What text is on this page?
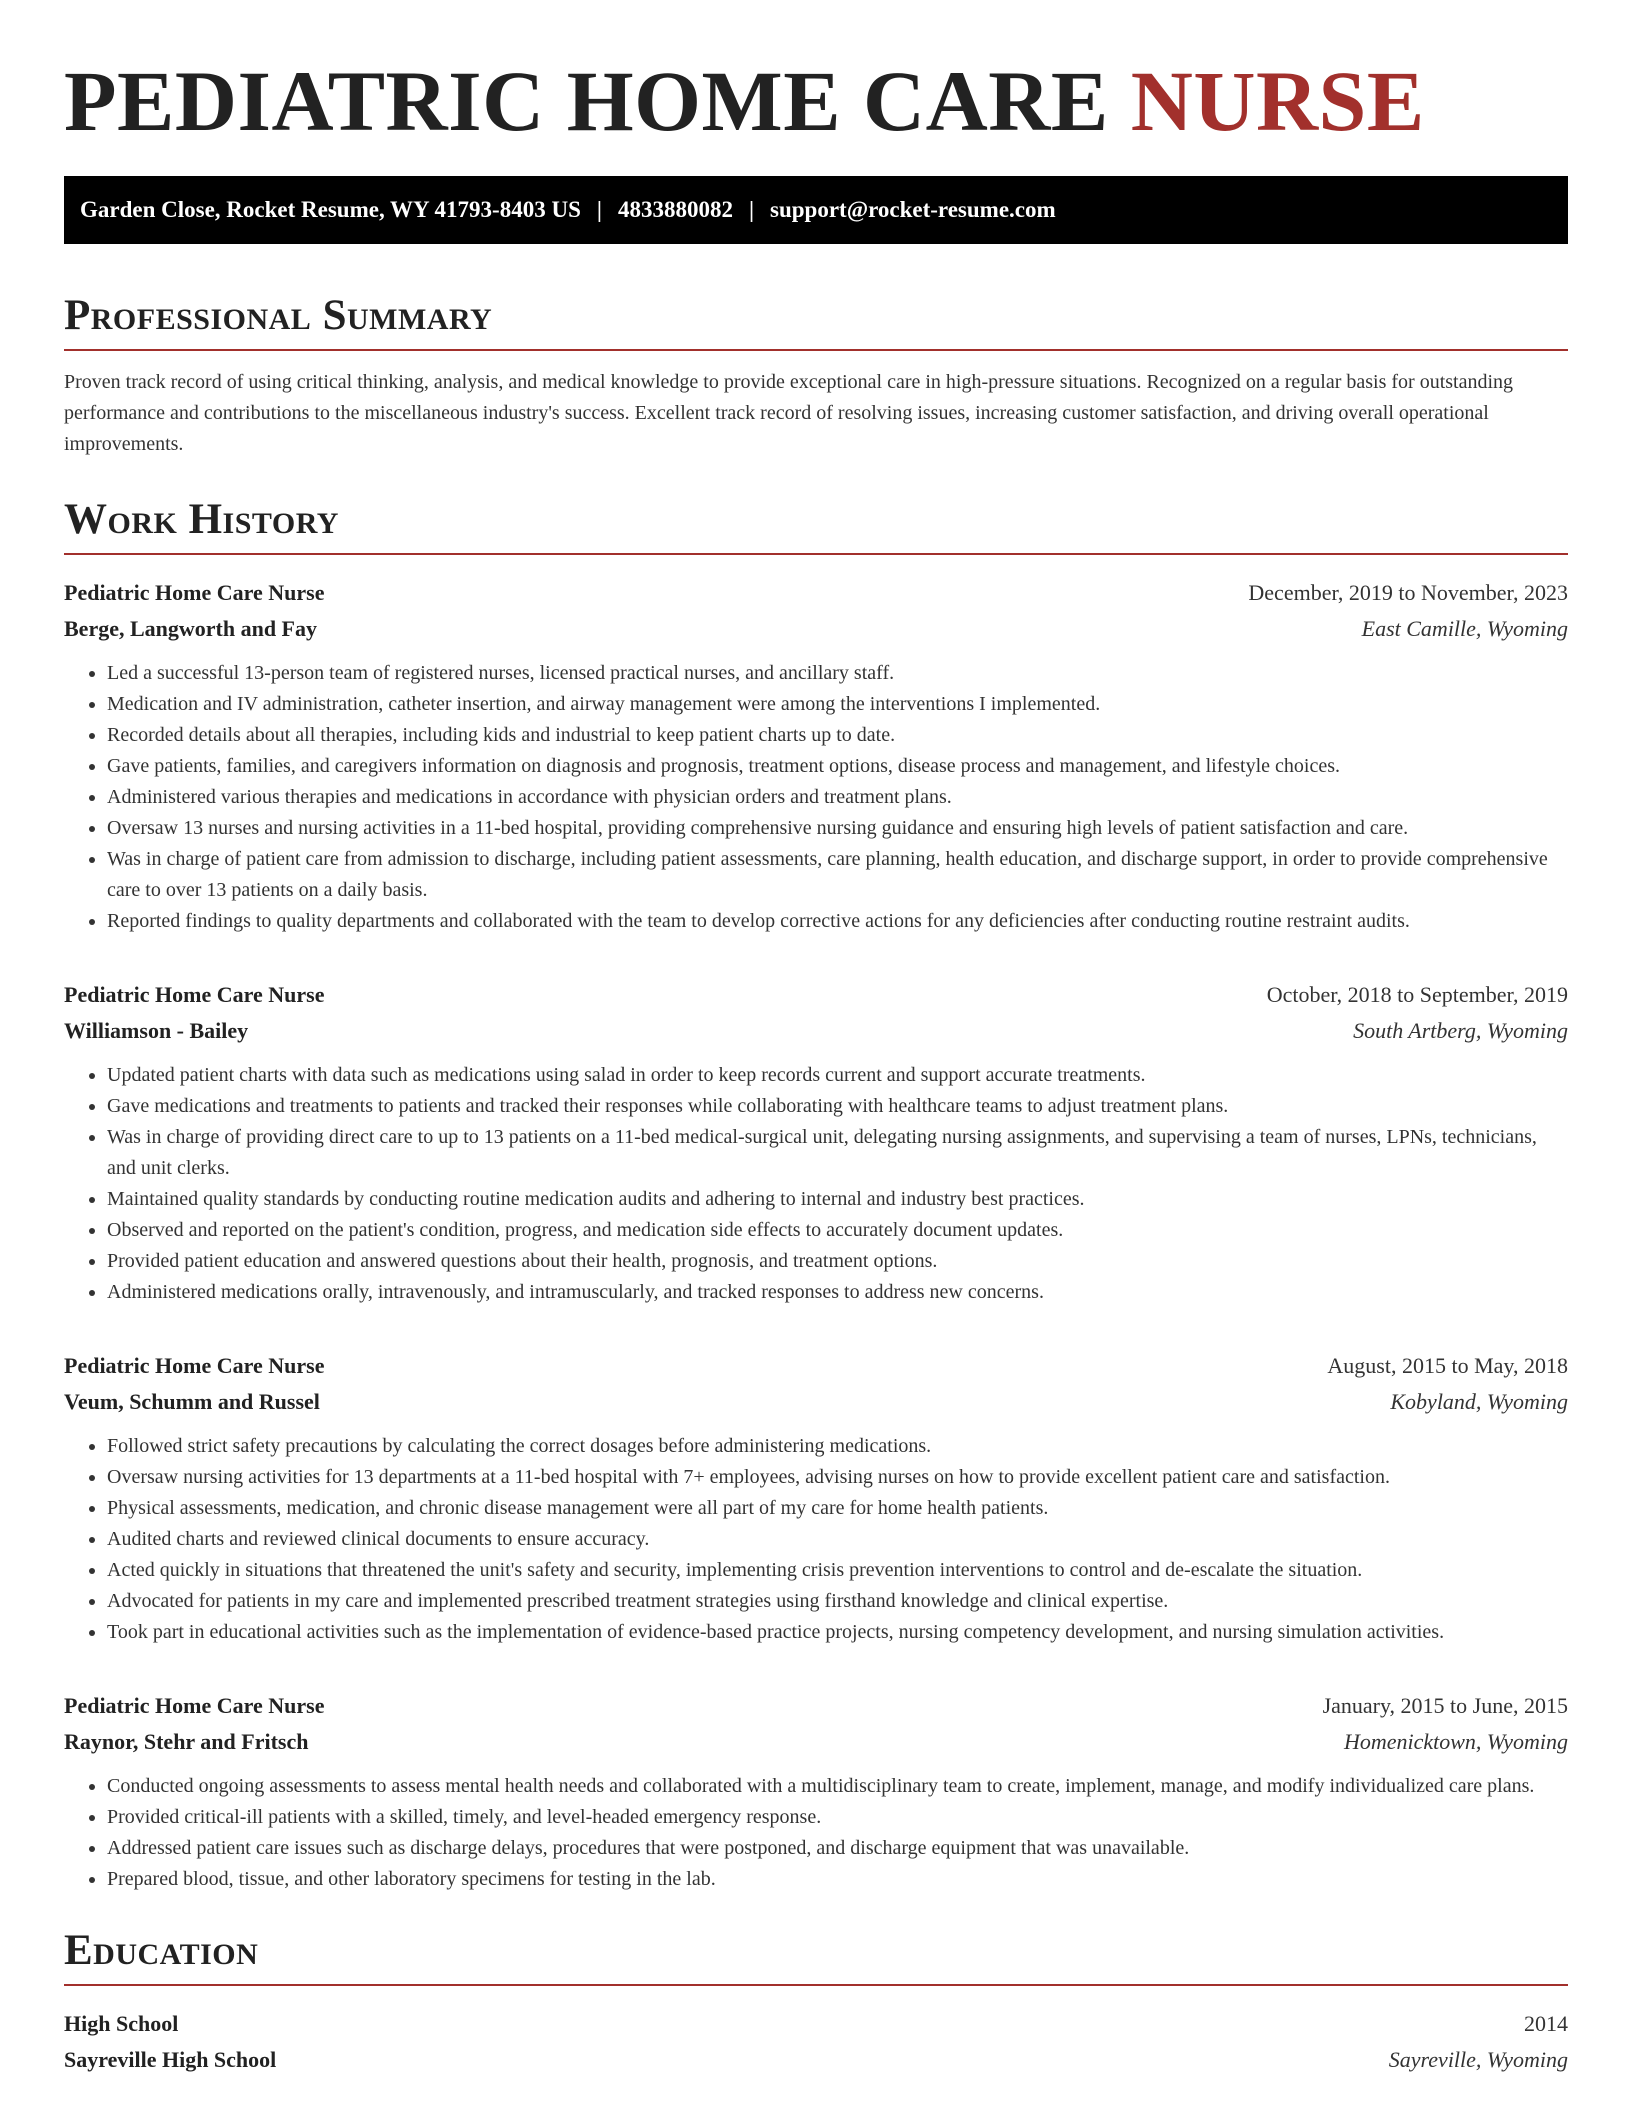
PEDIATRIC HOME CARE NURSE
Garden Close, Rocket Resume, WY 41793-8403 US | 4833880082 | support@rocket-resume.com
Professional Summary

Proven track record of using critical thinking, analysis, and medical knowledge to provide exceptional care in high-pressure situations. Recognized on a regular basis for outstanding performance and contributions to the miscellaneous industry's success. Excellent track record of resolving issues, increasing customer satisfaction, and driving overall operational improvements.

Work History
Pediatric Home Care Nurse	December, 2019 to November, 2023
Berge, Langworth and Fay	East Camille, Wyoming
• Led a successful 13-person team of registered nurses, licensed practical nurses, and ancillary staff.
• Medication and IV administration, catheter insertion, and airway management were among the interventions I implemented.
• Recorded details about all therapies, including kids and industrial to keep patient charts up to date.
• Gave patients, families, and caregivers information on diagnosis and prognosis, treatment options, disease process and management, and lifestyle choices.
• Administered various therapies and medications in accordance with physician orders and treatment plans.
• Oversaw 13 nurses and nursing activities in a 11-bed hospital, providing comprehensive nursing guidance and ensuring high levels of patient satisfaction and care.
• Was in charge of patient care from admission to discharge, including patient assessments, care planning, health education, and discharge support, in order to provide comprehensive care to over 13 patients on a daily basis.
• Reported findings to quality departments and collaborated with the team to develop corrective actions for any deficiencies after conducting routine restraint audits.
Pediatric Home Care Nurse	October, 2018 to September, 2019
Williamson - Bailey	South Artberg, Wyoming
• Updated patient charts with data such as medications using salad in order to keep records current and support accurate treatments.
• Gave medications and treatments to patients and tracked their responses while collaborating with healthcare teams to adjust treatment plans.
• Was in charge of providing direct care to up to 13 patients on a 11-bed medical-surgical unit, delegating nursing assignments, and supervising a team of nurses, LPNs, technicians, and unit clerks.
• Maintained quality standards by conducting routine medication audits and adhering to internal and industry best practices.
• Observed and reported on the patient's condition, progress, and medication side effects to accurately document updates.
• Provided patient education and answered questions about their health, prognosis, and treatment options.
• Administered medications orally, intravenously, and intramuscularly, and tracked responses to address new concerns.
Pediatric Home Care Nurse	August, 2015 to May, 2018
Veum, Schumm and Russel	Kobyland, Wyoming
• Followed strict safety precautions by calculating the correct dosages before administering medications.
• Oversaw nursing activities for 13 departments at a 11-bed hospital with 7+ employees, advising nurses on how to provide excellent patient care and satisfaction.
• Physical assessments, medication, and chronic disease management were all part of my care for home health patients.
• Audited charts and reviewed clinical documents to ensure accuracy.
• Acted quickly in situations that threatened the unit's safety and security, implementing crisis prevention interventions to control and de-escalate the situation.
• Advocated for patients in my care and implemented prescribed treatment strategies using firsthand knowledge and clinical expertise.
• Took part in educational activities such as the implementation of evidence-based practice projects, nursing competency development, and nursing simulation activities.
Pediatric Home Care Nurse	January, 2015 to June, 2015
Raynor, Stehr and Fritsch	Homenicktown, Wyoming
• Conducted ongoing assessments to assess mental health needs and collaborated with a multidisciplinary team to create, implement, manage, and modify individualized care plans.
• Provided critical-ill patients with a skilled, timely, and level-headed emergency response.
• Addressed patient care issues such as discharge delays, procedures that were postponed, and discharge equipment that was unavailable.
• Prepared blood, tissue, and other laboratory specimens for testing in the lab.
Education
High School	2014
Sayreville High School	Sayreville, Wyoming
